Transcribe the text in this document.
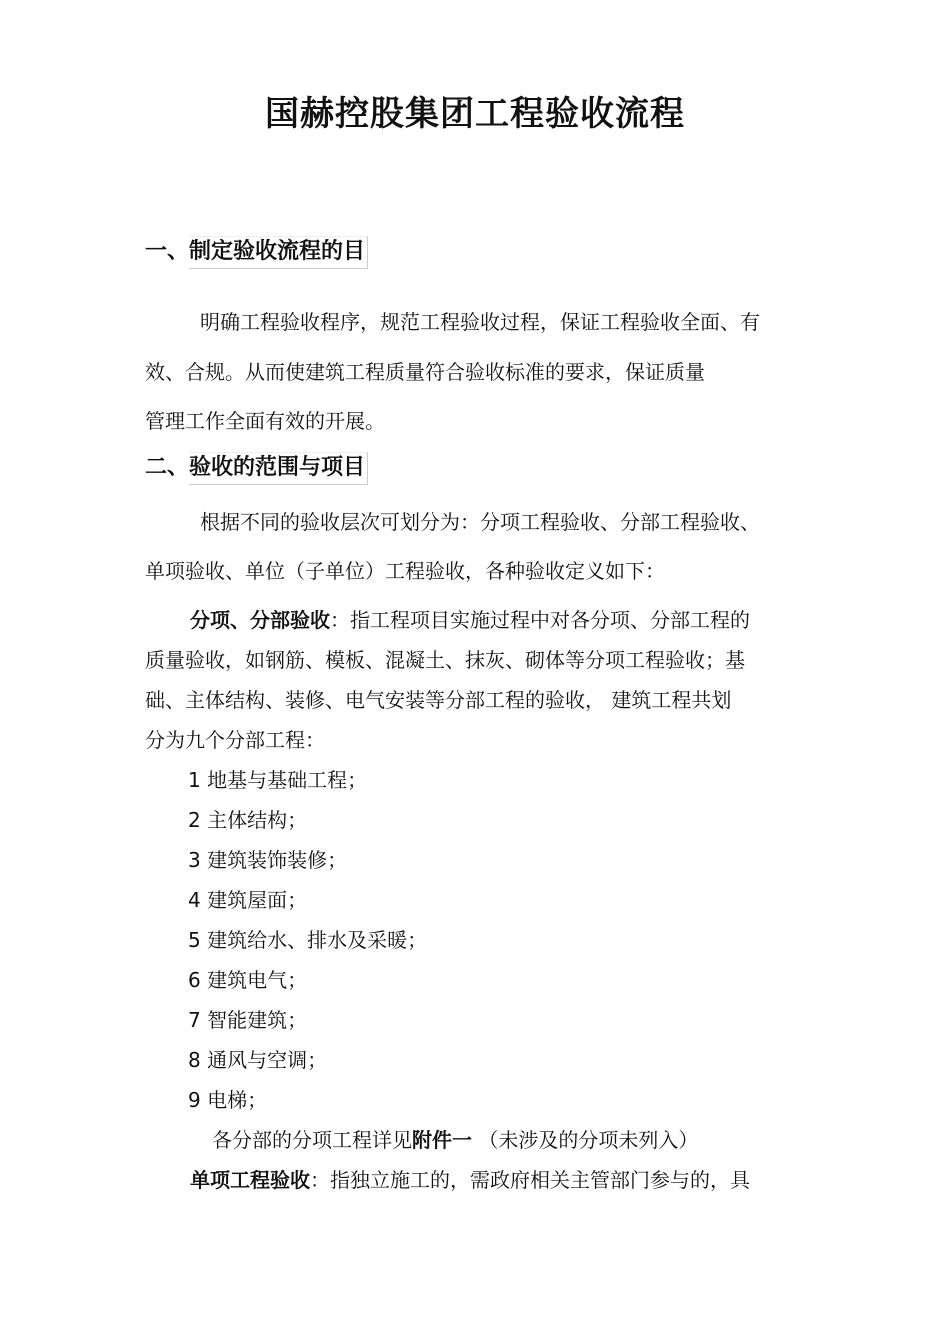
国赫控股集团工程验收流程
一、制定验收流程的目
明确工程验收程序，规范工程验收过程，保证工程验收全面、有
效、合规。从而使建筑工程质量符合验收标准的要求，保证质量
管理工作全面有效的开展。
二、验收的范围与项目
根据不同的验收层次可划分为：分项工程验收、分部工程验收、
单项验收、单位（子单位）工程验收，各种验收定义如下：
分项、分部验收：指工程项目实施过程中对各分项、分部工程的
质量验收，如钢筋、模板、混凝土、抹灰、砌体等分项工程验收；基
础、主体结构、装修、电气安装等分部工程的验收， 建筑工程共划
分为九个分部工程：
1 地基与基础工程；
2 主体结构；
3 建筑装饰装修；
4 建筑屋面；
5 建筑给水、排水及采暖；
6 建筑电气；
7 智能建筑；
8 通风与空调；
9 电梯；
各分部的分项工程详见附件一 （未涉及的分项未列入）
单项工程验收：指独立施工的，需政府相关主管部门参与的，具
